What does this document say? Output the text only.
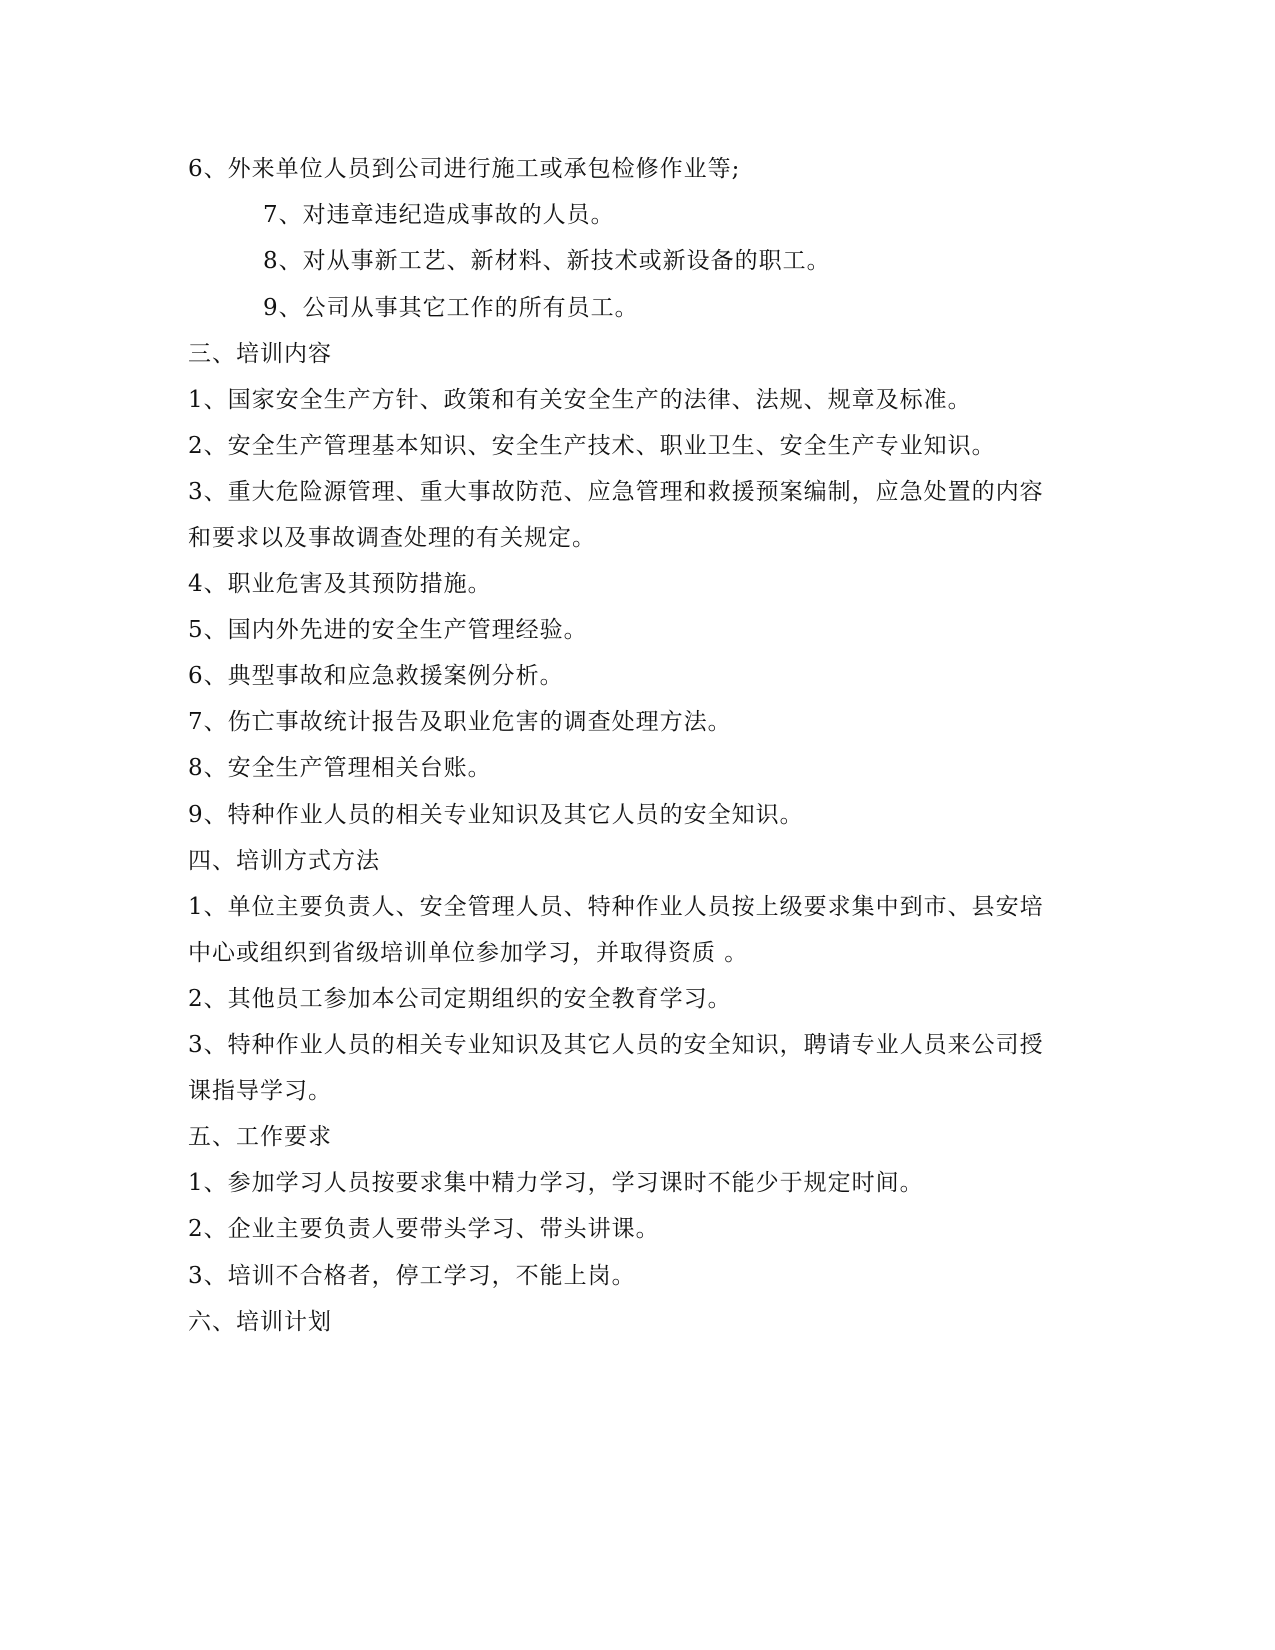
6、外来单位人员到公司进行施工或承包检修作业等;
7、对违章违纪造成事故的人员。
8、对从事新工艺、新材料、新技术或新设备的职工。
9、公司从事其它工作的所有员工。
三、培训内容
1、国家安全生产方针、政策和有关安全生产的法律、法规、规章及标准。
2、安全生产管理基本知识、安全生产技术、职业卫生、安全生产专业知识。
3、重大危险源管理、重大事故防范、应急管理和救援预案编制，应急处置的内容
和要求以及事故调查处理的有关规定。
4、职业危害及其预防措施。
5、国内外先进的安全生产管理经验。
6、典型事故和应急救援案例分析。
7、伤亡事故统计报告及职业危害的调查处理方法。
8、安全生产管理相关台账。
9、特种作业人员的相关专业知识及其它人员的安全知识。
四、培训方式方法
1、单位主要负责人、安全管理人员、特种作业人员按上级要求集中到市、县安培
中心或组织到省级培训单位参加学习，并取得资质 。
2、其他员工参加本公司定期组织的安全教育学习。
3、特种作业人员的相关专业知识及其它人员的安全知识，聘请专业人员来公司授
课指导学习。
五、工作要求
1、参加学习人员按要求集中精力学习，学习课时不能少于规定时间。
2、企业主要负责人要带头学习、带头讲课。
3、培训不合格者，停工学习，不能上岗。
六、培训计划
